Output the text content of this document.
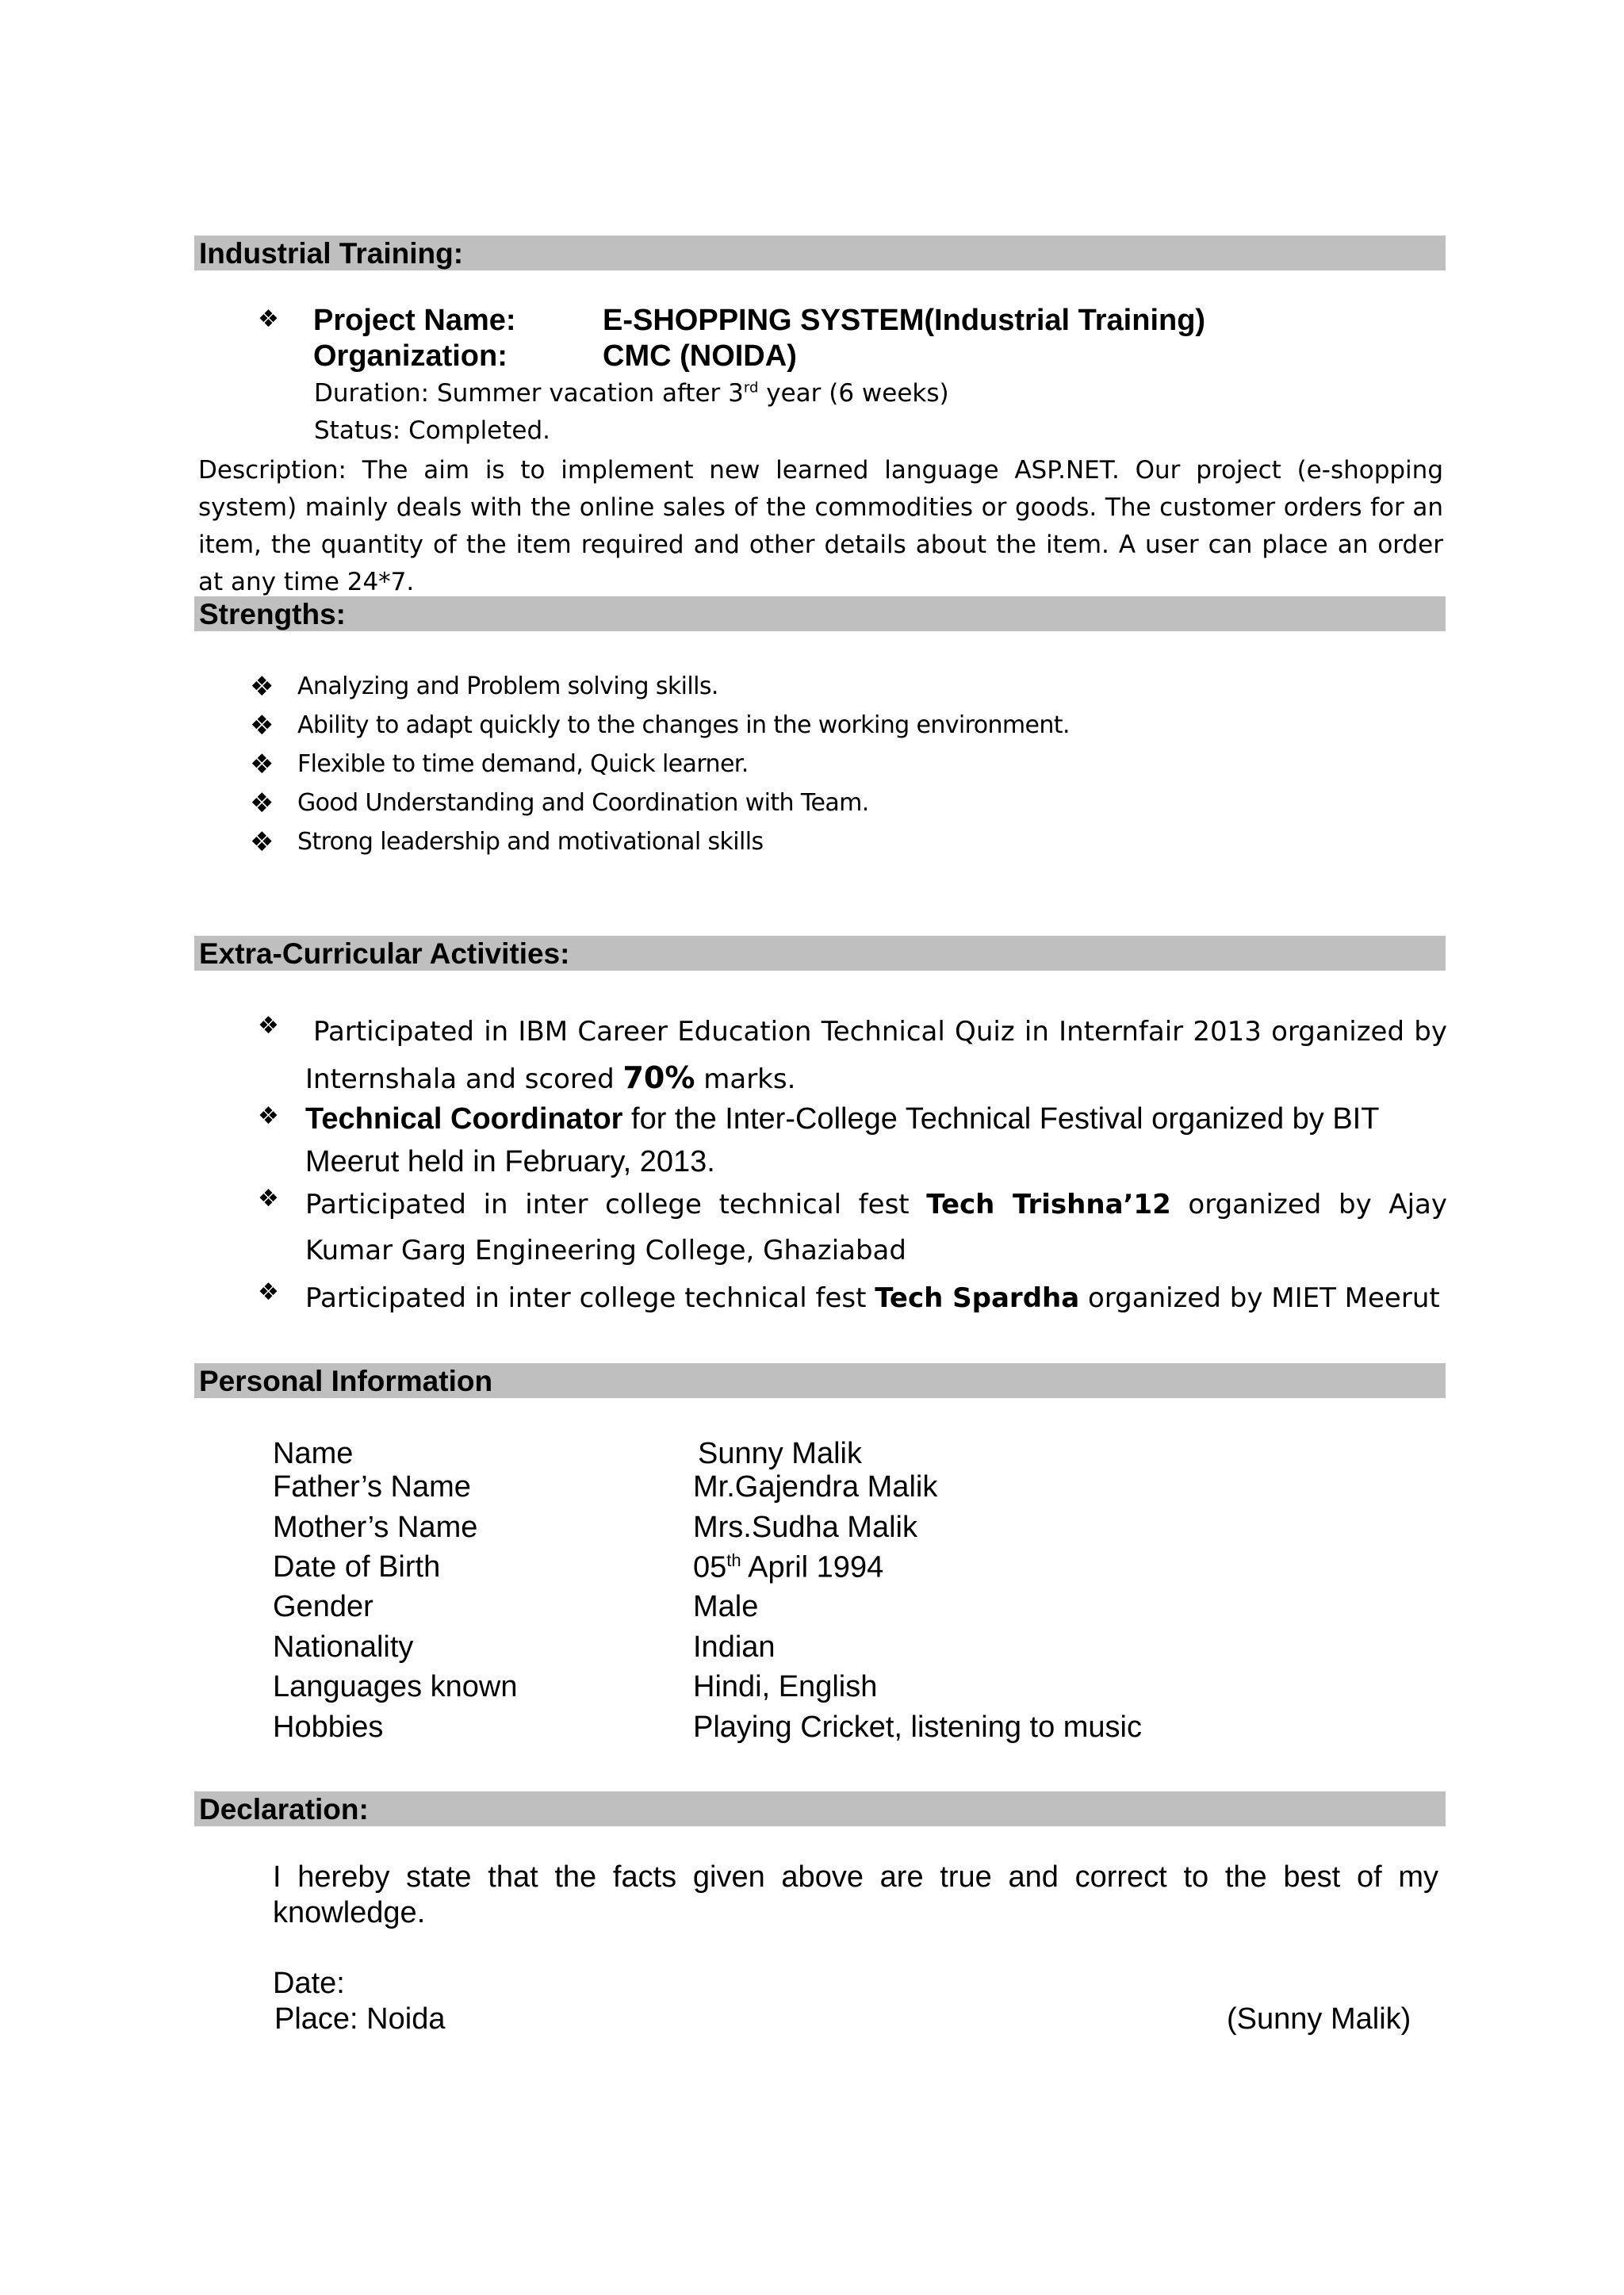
Industrial Training:
❖ Project Name:	E-SHOPPING SYSTEM(Industrial Training)
Organization:	CMC (NOIDA)
Duration: Summer vacation after 3rd year (6 weeks)
Status: Completed.
Description: The aim is to implement new learned language ASP.NET. Our project (e-shopping system) mainly deals with the online sales of the commodities or goods. The customer orders for an item, the quantity of the item required and other details about the item. A user can place an order at any time 24*7.
Strengths:
❖ Analyzing and Problem solving skills.
❖ Ability to adapt quickly to the changes in the working environment.
❖ Flexible to time demand, Quick learner.
❖ Good Understanding and Coordination with Team.
❖ Strong leadership and motivational skills
Extra-Curricular Activities:
❖ Participated in IBM Career Education Technical Quiz in Internfair 2013 organized by Internshala and scored 70% marks.
❖ Technical Coordinator for the Inter-College Technical Festival organized by BIT Meerut held in February, 2013.
❖ Participated in inter college technical fest Tech Trishna’12 organized by Ajay Kumar Garg Engineering College, Ghaziabad
❖ Participated in inter college technical fest Tech Spardha organized by MIET Meerut
Personal Information
Name	Sunny Malik
Father’s Name	Mr.Gajendra Malik
Mother’s Name	Mrs.Sudha Malik
Date of Birth	05th April 1994
Gender	Male
Nationality	Indian
Languages known	Hindi, English
Hobbies	Playing Cricket, listening to music
Declaration:
I hereby state that the facts given above are true and correct to the best of my
knowledge.
Date:
Place: Noida	(Sunny Malik)
